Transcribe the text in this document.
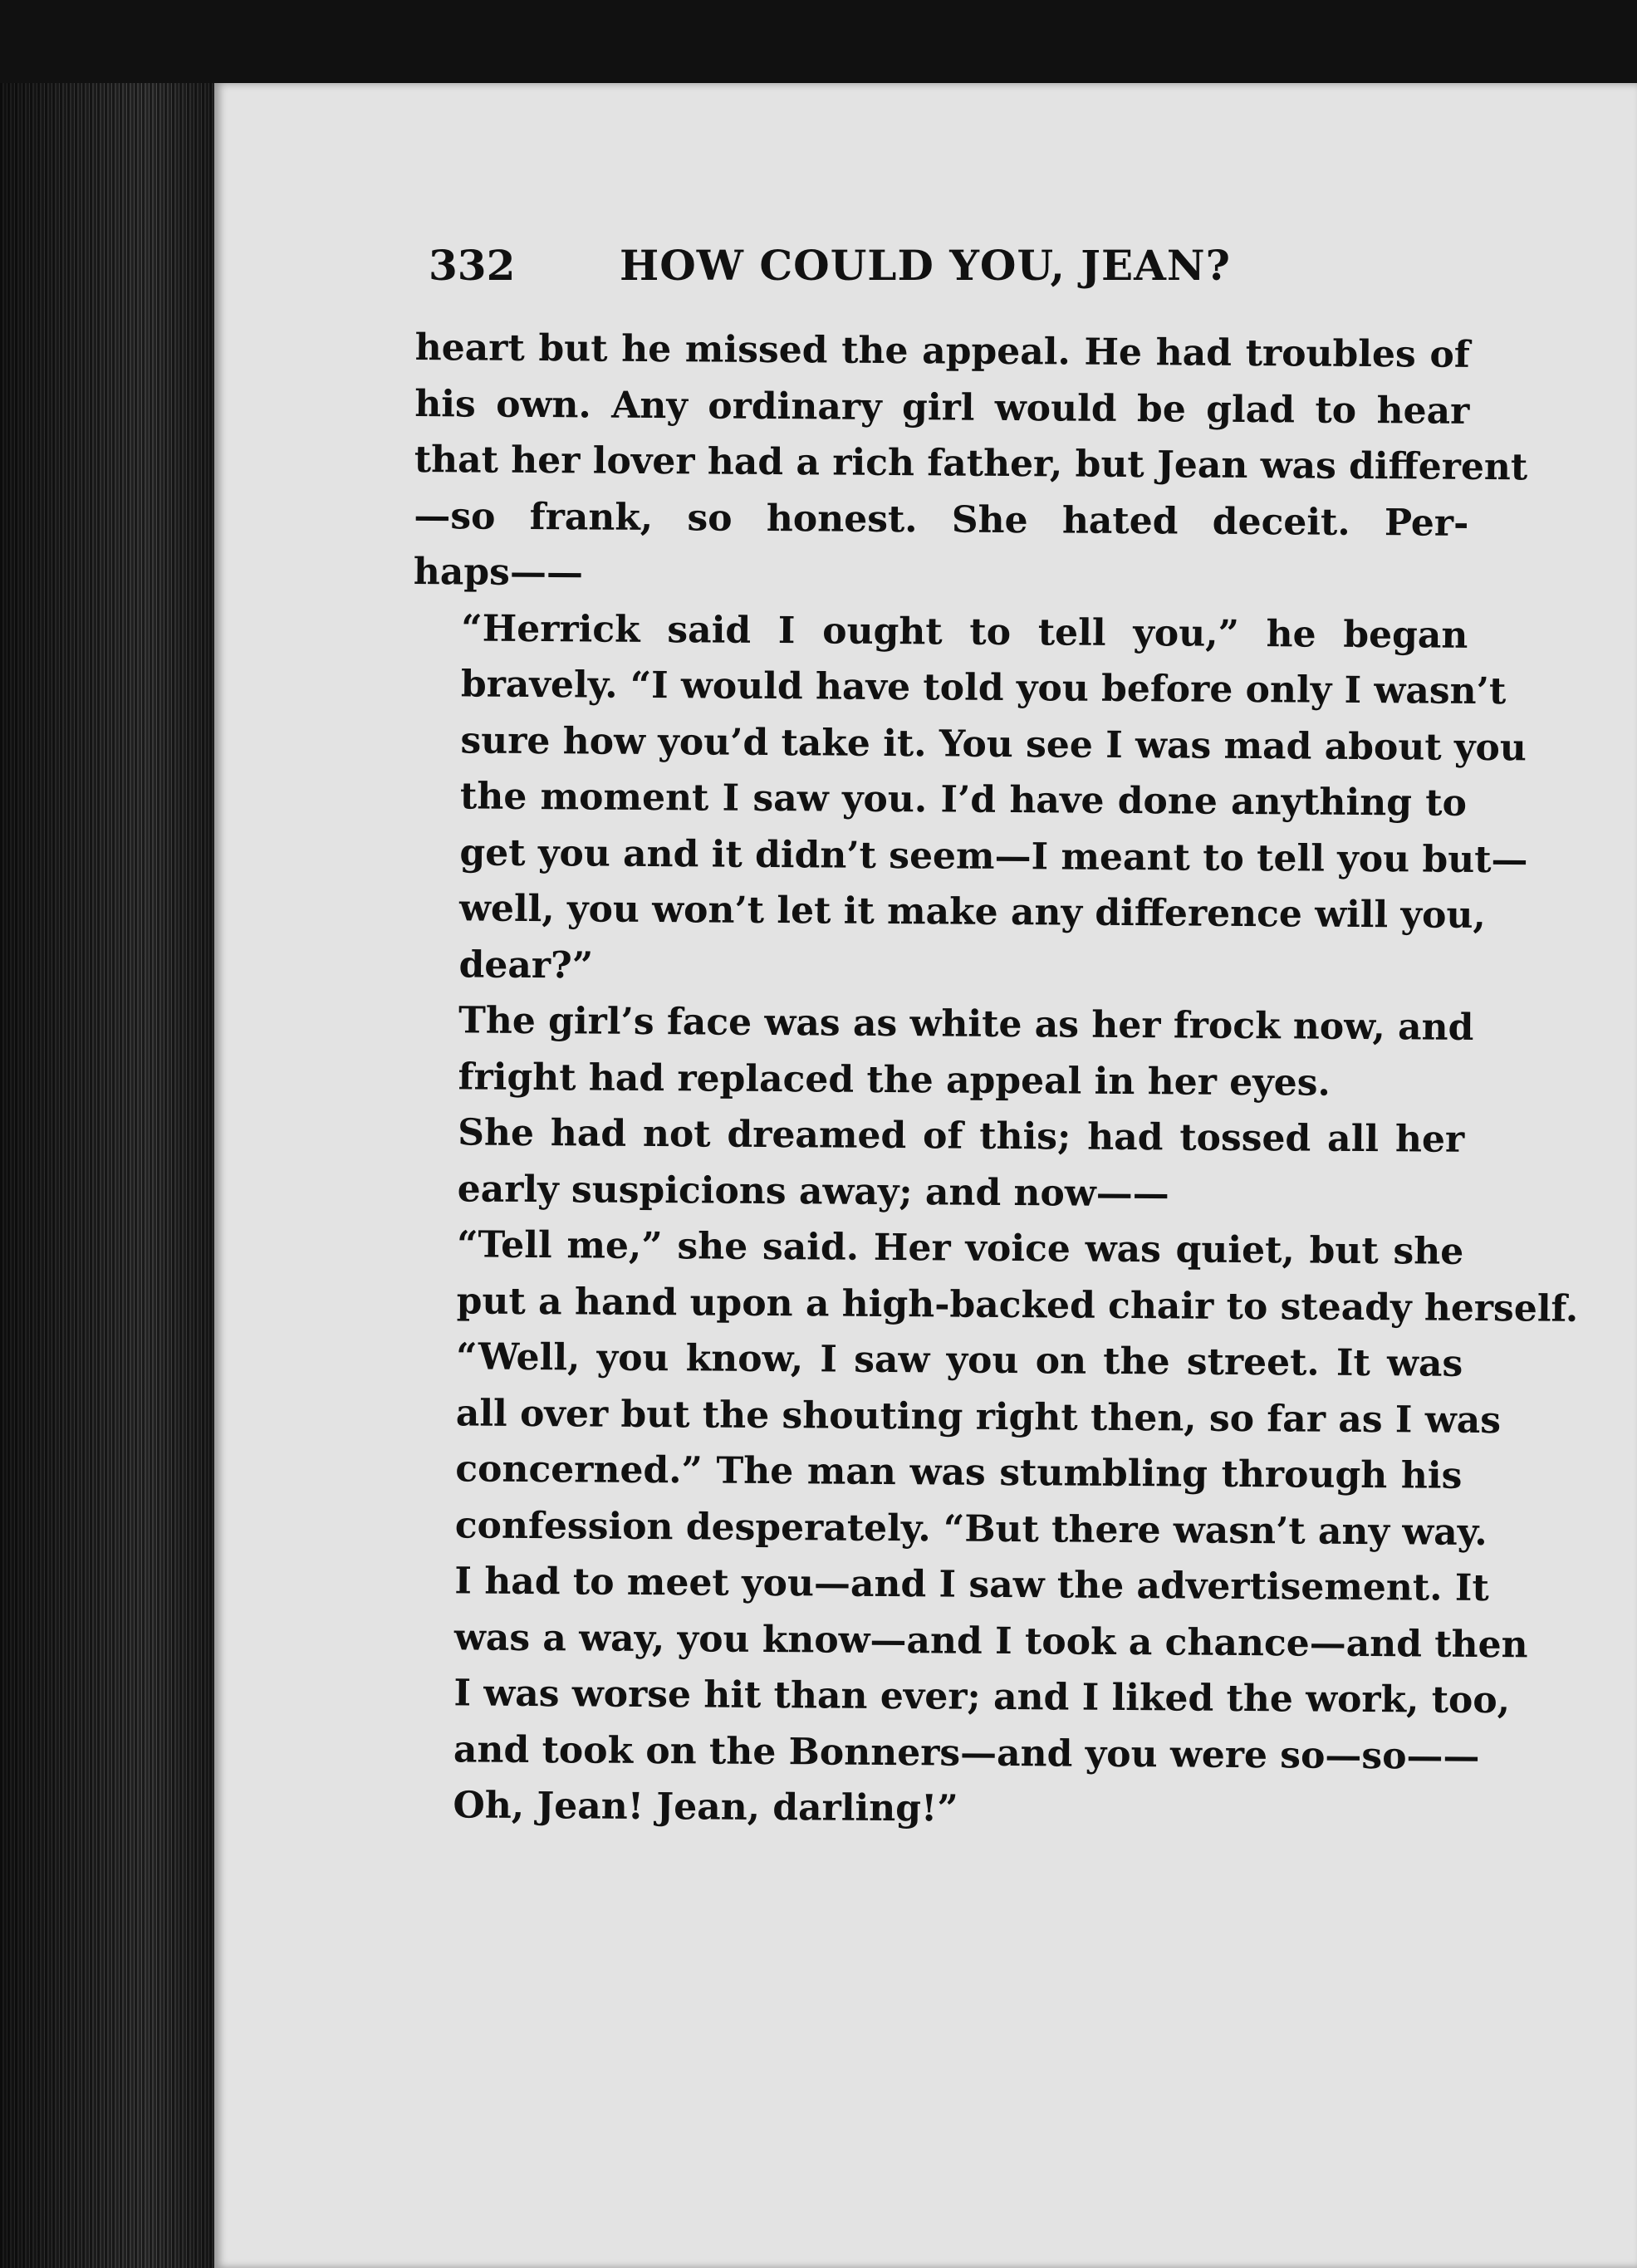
332	HOW COULD YOU, JEAN?

heart but he missed the appeal. He had troubles of
his own. Any ordinary girl would be glad to hear
that her lover had a rich father, but Jean was different
—so frank, so honest. She hated deceit. Per-
haps——

“Herrick said I ought to tell you,” he began
bravely. “I would have told you before only I wasn’t
sure how you’d take it. You see I was mad about you
the moment I saw you. I’d have done anything to
get you and it didn’t seem—I meant to tell you but—
well, you won’t let it make any difference will you,
dear?”

The girl’s face was as white as her frock now, and
fright had replaced the appeal in her eyes.

She had not dreamed of this; had tossed all her
early suspicions away; and now——

“Tell me,” she said. Her voice was quiet, but she
put a hand upon a high-backed chair to steady herself.

“Well, you know, I saw you on the street. It was
all over but the shouting right then, so far as I was
concerned.” The man was stumbling through his
confession desperately. “But there wasn’t any way.
I had to meet you—and I saw the advertisement. It
was a way, you know—and I took a chance—and then
I was worse hit than ever; and I liked the work, too,
and took on the Bonners—and you were so—so——
Oh, Jean! Jean, darling!”
